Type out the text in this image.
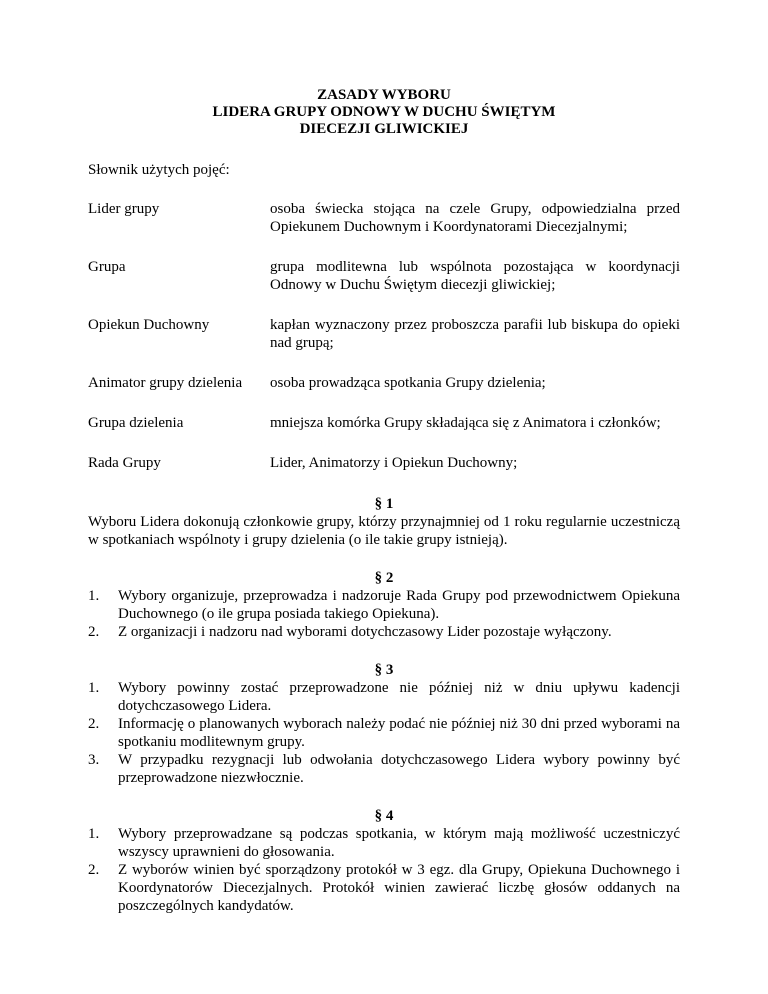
ZASADY WYBORU
LIDERA GRUPY ODNOWY W DUCHU ŚWIĘTYM
DIECEZJI GLIWICKIEJ
Słownik użytych pojęć:
Lider grupy	osoba świecka stojąca na czele Grupy, odpowiedzialna przed Opiekunem Duchownym i Koordynatorami Diecezjalnymi;
Grupa	grupa modlitewna lub wspólnota pozostająca w koordynacji Odnowy w Duchu Świętym diecezji gliwickiej;
Opiekun Duchowny	kapłan wyznaczony przez proboszcza parafii lub biskupa do opieki nad grupą;
Animator grupy dzielenia	osoba prowadząca spotkania Grupy dzielenia;
Grupa dzielenia	mniejsza komórka Grupy składająca się z Animatora i członków;
Rada Grupy	Lider, Animatorzy i Opiekun Duchowny;
§ 1
Wyboru Lidera dokonują członkowie grupy, którzy przynajmniej od 1 roku regularnie uczestniczą w spotkaniach wspólnoty i grupy dzielenia (o ile takie grupy istnieją).
§ 2
1. Wybory organizuje, przeprowadza i nadzoruje Rada Grupy pod przewodnictwem Opiekuna Duchownego (o ile grupa posiada takiego Opiekuna).
2. Z organizacji i nadzoru nad wyborami dotychczasowy Lider pozostaje wyłączony.
§ 3
1. Wybory powinny zostać przeprowadzone nie później niż w dniu upływu kadencji dotychczasowego Lidera.
2. Informację o planowanych wyborach należy podać nie później niż 30 dni przed wyborami na spotkaniu modlitewnym grupy.
3. W przypadku rezygnacji lub odwołania dotychczasowego Lidera wybory powinny być przeprowadzone niezwłocznie.
§ 4
1. Wybory przeprowadzane są podczas spotkania, w którym mają możliwość uczestniczyć wszyscy uprawnieni do głosowania.
2. Z wyborów winien być sporządzony protokół w 3 egz. dla Grupy, Opiekuna Duchownego i Koordynatorów Diecezjalnych. Protokół winien zawierać liczbę głosów oddanych na poszczególnych kandydatów.
